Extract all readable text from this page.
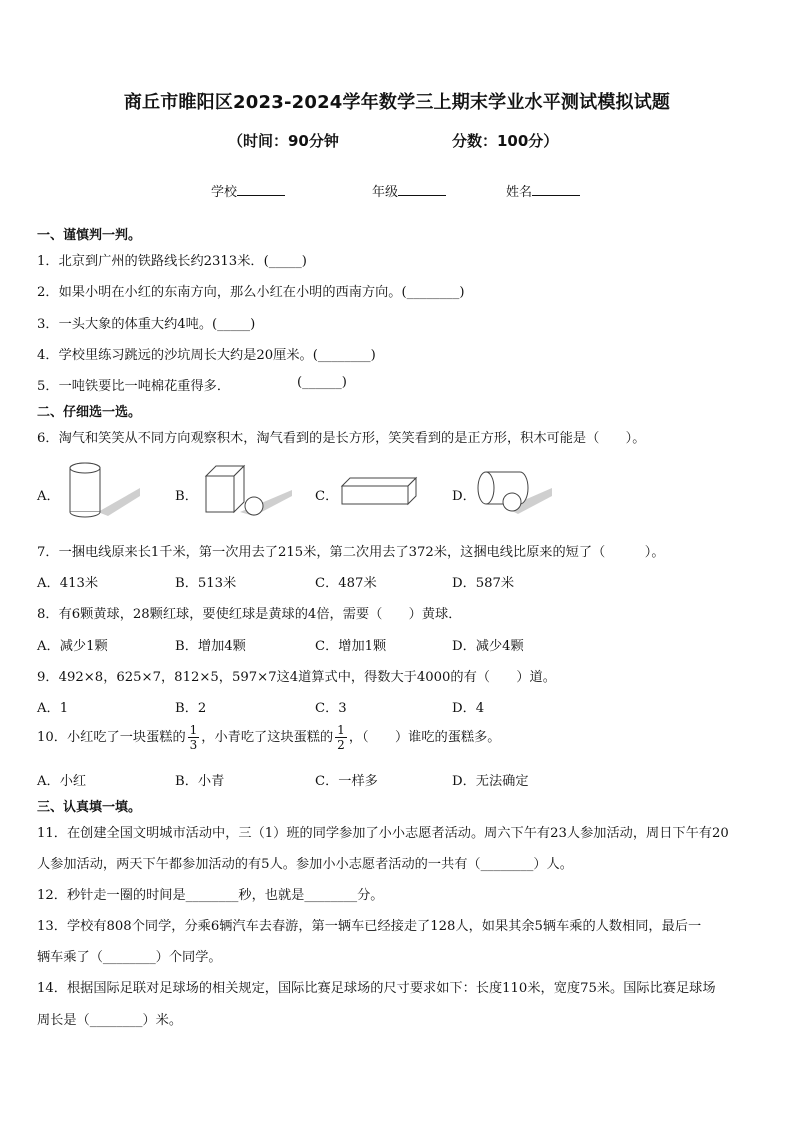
商丘市睢阳区2023-2024学年数学三上期末学业水平测试模拟试题
（时间：90分钟	分数：100分）
学校	年级	姓名
一、谨慎判一判。
1．北京到广州的铁路线长约2313米．(_____)
2．如果小明在小红的东南方向，那么小红在小明的西南方向。(________)
3．一头大象的体重大约4吨。(_____)
4．学校里练习跳远的沙坑周长大约是20厘米。(________)
5．一吨铁要比一吨棉花重得多．	(______)
二、仔细选一选。
6．淘气和笑笑从不同方向观察积木，淘气看到的是长方形，笑笑看到的是正方形，积木可能是（　　）。
A．	B．	C．	D．
7．一捆电线原来长1千米，第一次用去了215米，第二次用去了372米，这捆电线比原来的短了（　　　）。
A．413米	B．513米	C．487米	D．587米
8．有6颗黄球，28颗红球，要使红球是黄球的4倍，需要（　　）黄球．
A．减少1颗	B．增加4颗	C．增加1颗	D．减少4颗
9．492×8，625×7，812×5，597×7这4道算式中，得数大于4000的有（　　）道。
A．1	B．2	C．3	D．4
10．小红吃了一块蛋糕的 $\frac{1}{3}$ ，小青吃了这块蛋糕的 $\frac{1}{2}$ ，（　　）谁吃的蛋糕多。
A．小红	B．小青	C．一样多	D．无法确定
三、认真填一填。
11．在创建全国文明城市活动中，三（1）班的同学参加了小小志愿者活动。周六下午有23人参加活动，周日下午有20
人参加活动，两天下午都参加活动的有5人。参加小小志愿者活动的一共有（________）人。
12．秒针走一圈的时间是________秒，也就是________分。
13．学校有808个同学，分乘6辆汽车去春游，第一辆车已经接走了128人，如果其余5辆车乘的人数相同，最后一
辆车乘了（________）个同学。
14．根据国际足联对足球场的相关规定，国际比赛足球场的尺寸要求如下：长度110米，宽度75米。国际比赛足球场
周长是（________）米。
